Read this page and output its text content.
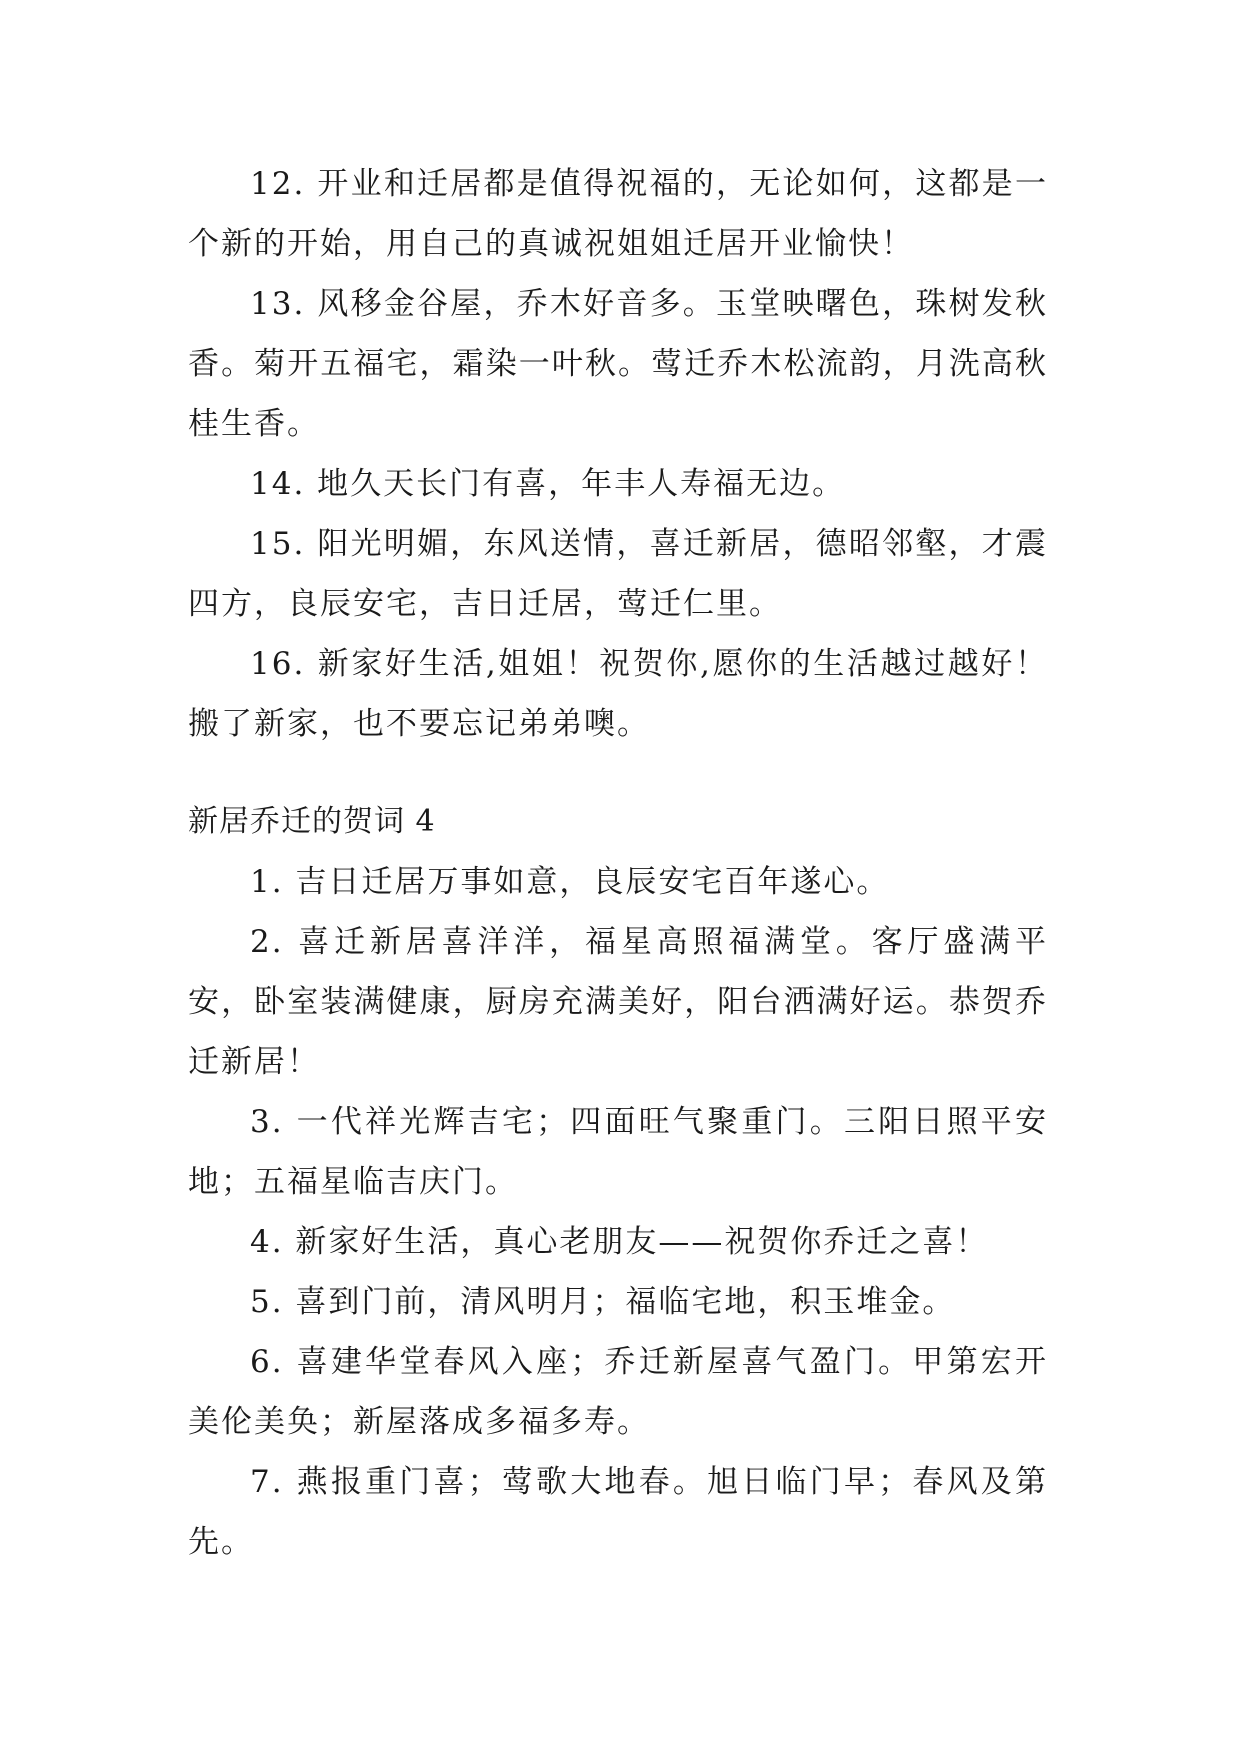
12. 开业和迁居都是值得祝福的，无论如何，这都是一个新的开始，用自己的真诚祝姐姐迁居开业愉快！

13. 风移金谷屋，乔木好音多。玉堂映曙色，珠树发秋香。菊开五福宅，霜染一叶秋。莺迁乔木松流韵，月洗高秋桂生香。

14. 地久天长门有喜，年丰人寿福无边。

15. 阳光明媚，东风送情，喜迁新居，德昭邻壑，才震四方，良辰安宅，吉日迁居，莺迁仁里。

16. 新家好生活,姐姐！祝贺你,愿你的生活越过越好！搬了新家，也不要忘记弟弟噢。

新居乔迁的贺词 4

1. 吉日迁居万事如意，良辰安宅百年遂心。

2. 喜迁新居喜洋洋，福星高照福满堂。客厅盛满平安，卧室装满健康，厨房充满美好，阳台洒满好运。恭贺乔迁新居！

3. 一代祥光辉吉宅；四面旺气聚重门。三阳日照平安地；五福星临吉庆门。

4. 新家好生活，真心老朋友——祝贺你乔迁之喜！

5. 喜到门前，清风明月；福临宅地，积玉堆金。

6. 喜建华堂春风入座；乔迁新屋喜气盈门。甲第宏开美伦美奂；新屋落成多福多寿。

7. 燕报重门喜；莺歌大地春。旭日临门早；春风及第先。
